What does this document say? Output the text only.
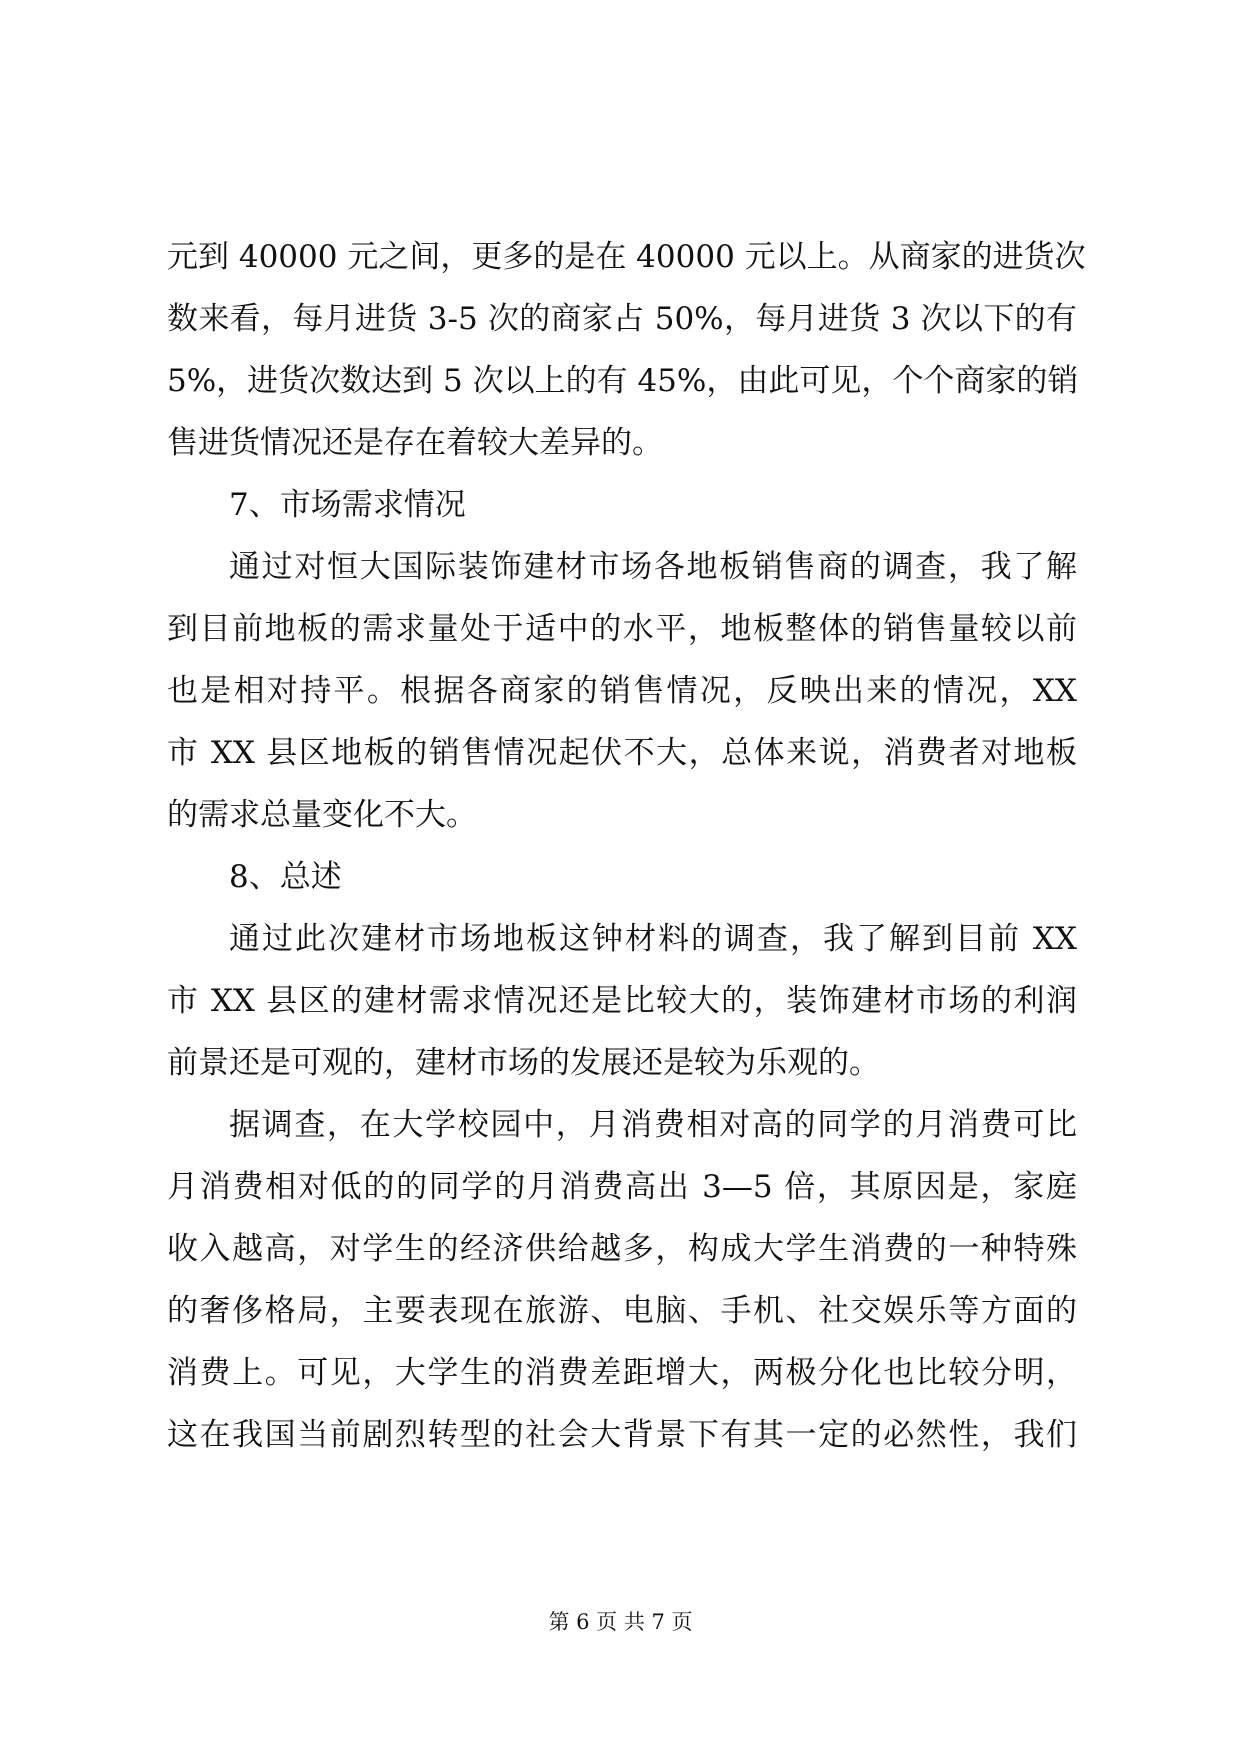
元到 40000 元之间，更多的是在 40000 元以上。从商家的进货次
数来看，每月进货 3-5 次的商家占 50%，每月进货 3 次以下的有
5%，进货次数达到 5 次以上的有 45%，由此可见，个个商家的销
售进货情况还是存在着较大差异的。
7、市场需求情况
通过对恒大国际装饰建材市场各地板销售商的调查，我了解
到目前地板的需求量处于适中的水平，地板整体的销售量较以前
也是相对持平。根据各商家的销售情况，反映出来的情况，XX
市 XX 县区地板的销售情况起伏不大，总体来说，消费者对地板
的需求总量变化不大。
8、总述
通过此次建材市场地板这钟材料的调查，我了解到目前 XX
市 XX 县区的建材需求情况还是比较大的，装饰建材市场的利润
前景还是可观的，建材市场的发展还是较为乐观的。
据调查，在大学校园中，月消费相对高的同学的月消费可比
月消费相对低的的同学的月消费高出 3—5 倍，其原因是，家庭
收入越高，对学生的经济供给越多，构成大学生消费的一种特殊
的奢侈格局，主要表现在旅游、电脑、手机、社交娱乐等方面的
消费上。可见，大学生的消费差距增大，两极分化也比较分明，
这在我国当前剧烈转型的社会大背景下有其一定的必然性，我们
第 6 页 共 7 页
